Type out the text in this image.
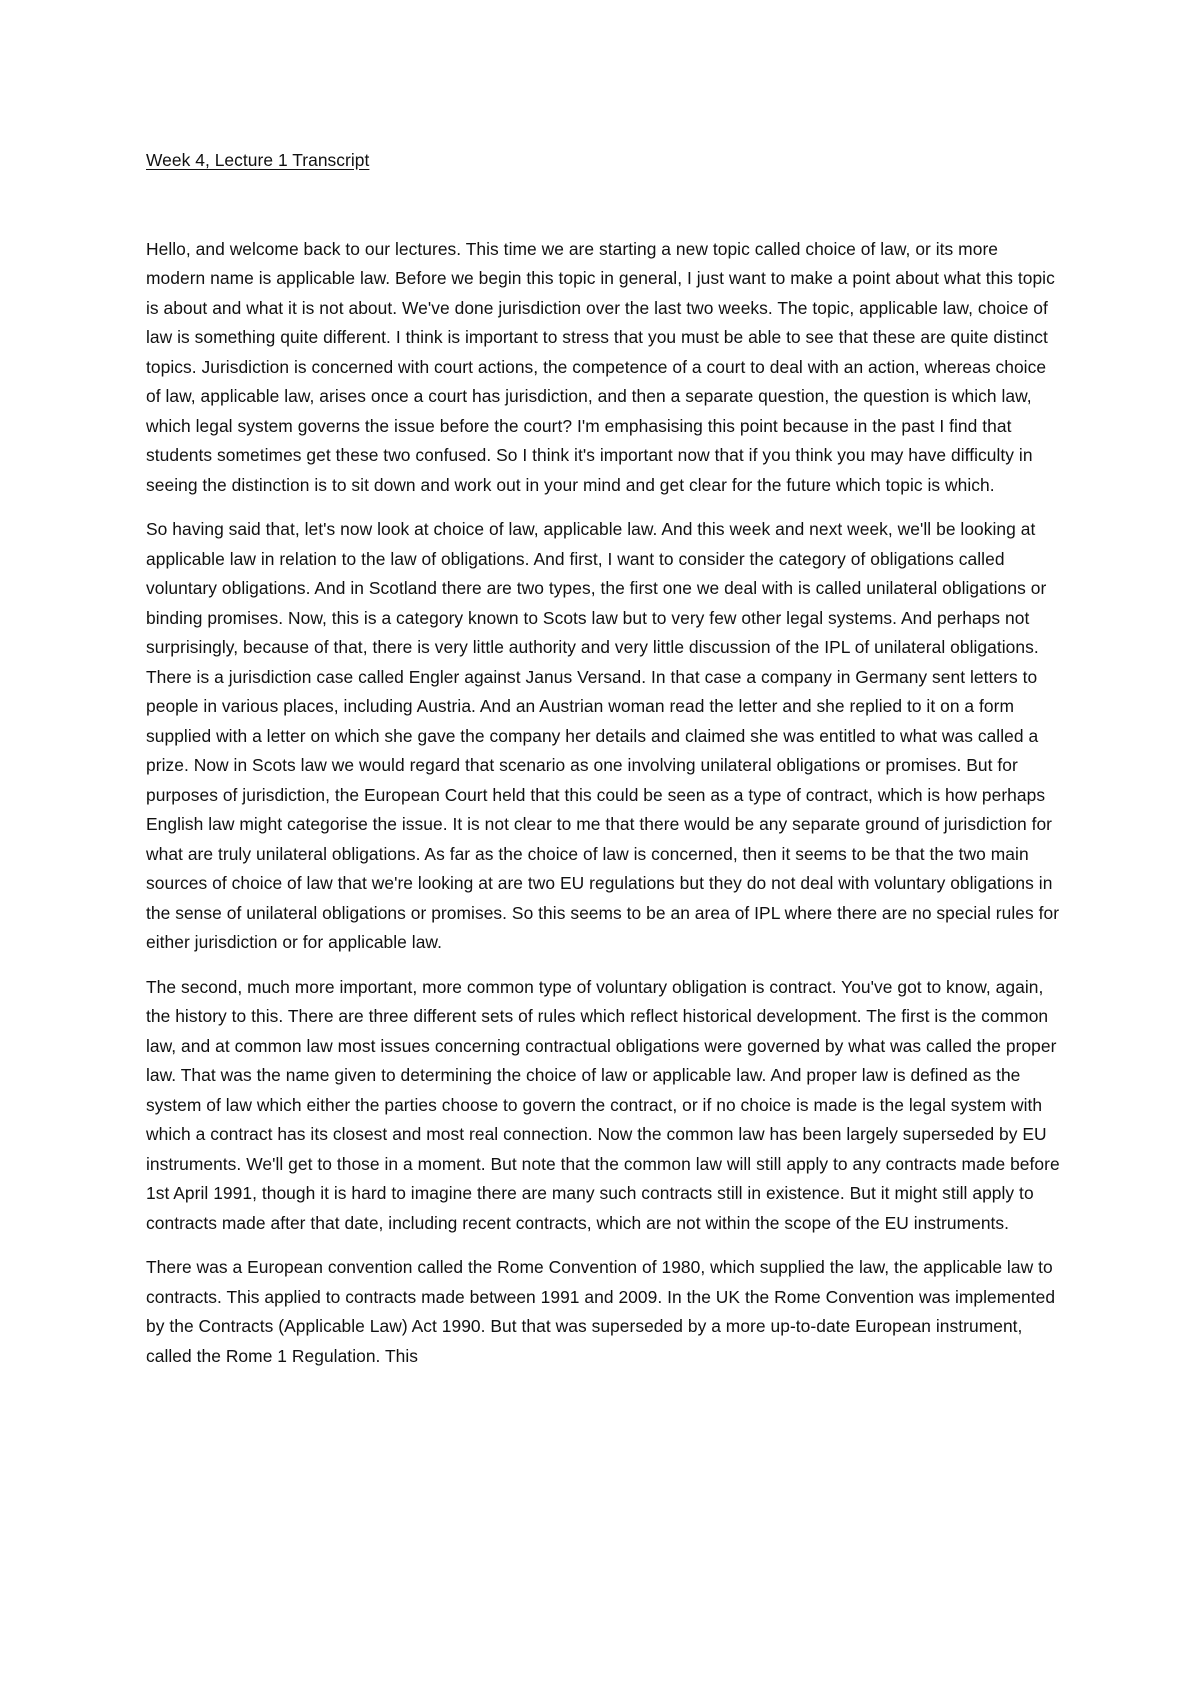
Week 4, Lecture 1 Transcript

Hello, and welcome back to our lectures. This time we are starting a new topic called choice of law, or its more modern name is applicable law. Before we begin this topic in general, I just want to make a point about what this topic is about and what it is not about. We've done jurisdiction over the last two weeks. The topic, applicable law, choice of law is something quite different. I think is important to stress that you must be able to see that these are quite distinct topics. Jurisdiction is concerned with court actions, the competence of a court to deal with an action, whereas choice of law, applicable law, arises once a court has jurisdiction, and then a separate question, the question is which law, which legal system governs the issue before the court? I'm emphasising this point because in the past I find that students sometimes get these two confused. So I think it's important now that if you think you may have difficulty in seeing the distinction is to sit down and work out in your mind and get clear for the future which topic is which.

So having said that, let's now look at choice of law, applicable law. And this week and next week, we'll be looking at applicable law in relation to the law of obligations. And first, I want to consider the category of obligations called voluntary obligations. And in Scotland there are two types, the first one we deal with is called unilateral obligations or binding promises. Now, this is a category known to Scots law but to very few other legal systems. And perhaps not surprisingly, because of that, there is very little authority and very little discussion of the IPL of unilateral obligations. There is a jurisdiction case called Engler against Janus Versand. In that case a company in Germany sent letters to people in various places, including Austria. And an Austrian woman read the letter and she replied to it on a form supplied with a letter on which she gave the company her details and claimed she was entitled to what was called a prize. Now in Scots law we would regard that scenario as one involving unilateral obligations or promises. But for purposes of jurisdiction, the European Court held that this could be seen as a type of contract, which is how perhaps English law might categorise the issue. It is not clear to me that there would be any separate ground of jurisdiction for what are truly unilateral obligations. As far as the choice of law is concerned, then it seems to be that the two main sources of choice of law that we're looking at are two EU regulations but they do not deal with voluntary obligations in the sense of unilateral obligations or promises. So this seems to be an area of IPL where there are no special rules for either jurisdiction or for applicable law.

The second, much more important, more common type of voluntary obligation is contract. You've got to know, again, the history to this. There are three different sets of rules which reflect historical development. The first is the common law, and at common law most issues concerning contractual obligations were governed by what was called the proper law. That was the name given to determining the choice of law or applicable law. And proper law is defined as the system of law which either the parties choose to govern the contract, or if no choice is made is the legal system with which a contract has its closest and most real connection. Now the common law has been largely superseded by EU instruments. We'll get to those in a moment. But note that the common law will still apply to any contracts made before 1st April 1991, though it is hard to imagine there are many such contracts still in existence. But it might still apply to contracts made after that date, including recent contracts, which are not within the scope of the EU instruments.

There was a European convention called the Rome Convention of 1980, which supplied the law, the applicable law to contracts. This applied to contracts made between 1991 and 2009. In the UK the Rome Convention was implemented by the Contracts (Applicable Law) Act 1990. But that was superseded by a more up-to-date European instrument, called the Rome 1 Regulation. This
